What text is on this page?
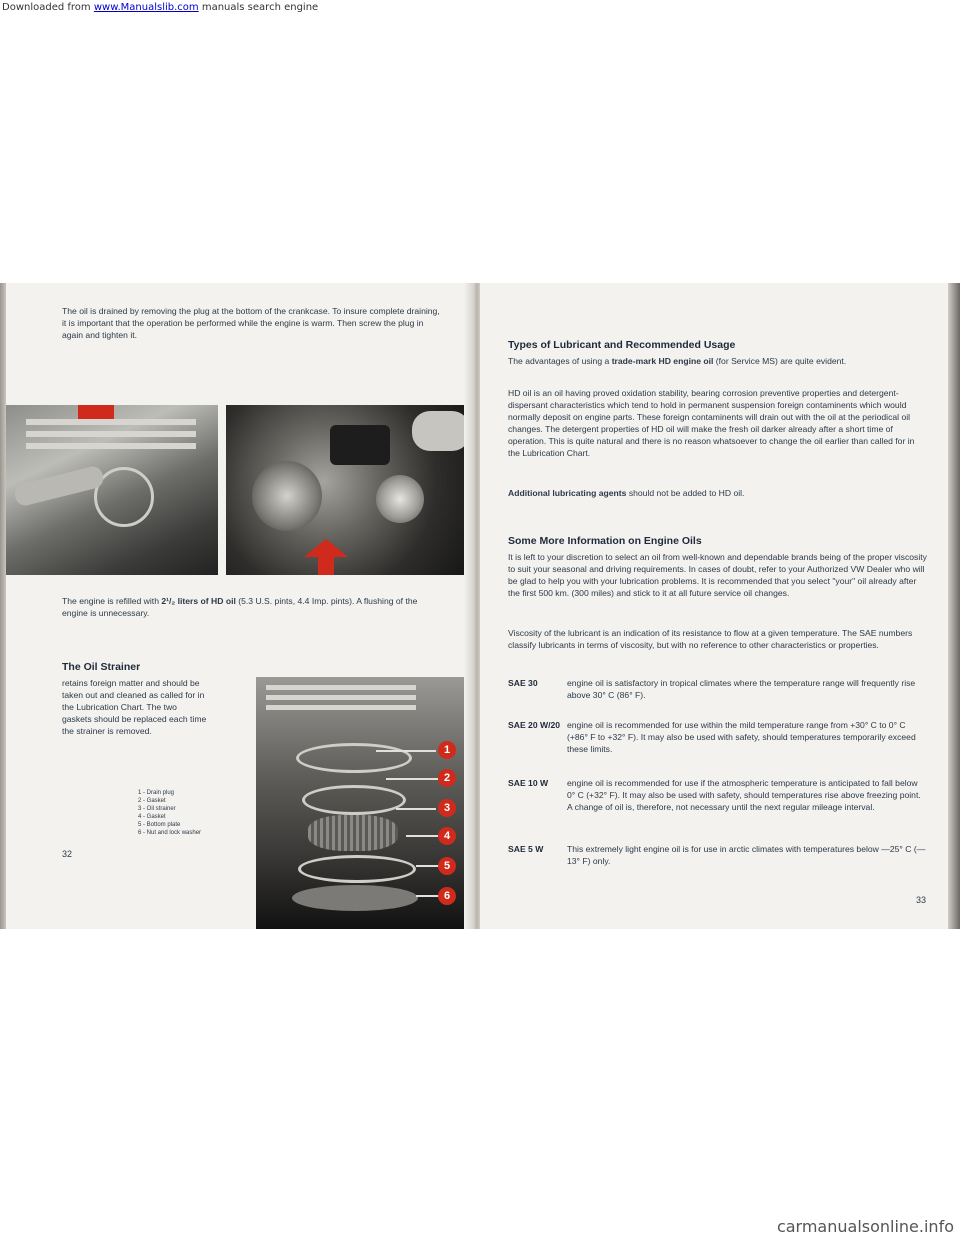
Downloaded from www.Manualslib.com manuals search engine

The oil is drained by removing the plug at the bottom of the crankcase. To insure complete draining, it is important that the operation be performed while the engine is warm. Then screw the plug in again and tighten it.

The engine is refilled with 2¹/₂ liters of HD oil (5.3 U.S. pints, 4.4 Imp. pints). A flushing of the engine is unnecessary.

The Oil Strainer

retains foreign matter and should be taken out and cleaned as called for in the Lubrication Chart. The two gaskets should be replaced each time the strainer is removed.

1 - Drain plug
2 - Gasket
3 - Oil strainer
4 - Gasket
5 - Bottom plate
6 - Nut and lock washer
1
2
3
4
5
6
32
Types of Lubricant and Recommended Usage

The advantages of using a trade-mark HD engine oil (for Service MS) are quite evident.

HD oil is an oil having proved oxidation stability, bearing corrosion preventive properties and detergent-dispersant characteristics which tend to hold in permanent suspension foreign contaminents which would normally deposit on engine parts. These foreign contaminents will drain out with the oil at the periodical oil changes. The detergent properties of HD oil will make the fresh oil darker already after a short time of operation. This is quite natural and there is no reason whatsoever to change the oil earlier than called for in the Lubrication Chart.

Additional lubricating agents should not be added to HD oil.

Some More Information on Engine Oils

It is left to your discretion to select an oil from well-known and dependable brands being of the proper viscosity to suit your seasonal and driving requirements. In cases of doubt, refer to your Authorized VW Dealer who will be glad to help you with your lubrication problems. It is recommended that you select "your" oil already after the first 500 km. (300 miles) and stick to it at all future service oil changes.

Viscosity of the lubricant is an indication of its resistance to flow at a given temperature. The SAE numbers classify lubricants in terms of viscosity, but with no reference to other characteristics or properties.

SAE 30	engine oil is satisfactory in tropical climates where the temperature range will frequently rise above 30° C (86° F).
SAE 20 W/20 engine oil is recommended for use within the mild temperature range from +30° C to 0° C (+86° F to +32° F). It may also be used with safety, should temperatures temporarily exceed these limits.
SAE 10 W	engine oil is recommended for use if the atmospheric temperature is anticipated to fall below 0° C (+32° F). It may also be used with safety, should temperatures rise above freezing point. A change of oil is, therefore, not necessary until the next regular mileage interval.
SAE 5 W	This extremely light engine oil is for use in arctic climates with temperatures below —25° C (—13° F) only.
33
carmanualsonline.info
